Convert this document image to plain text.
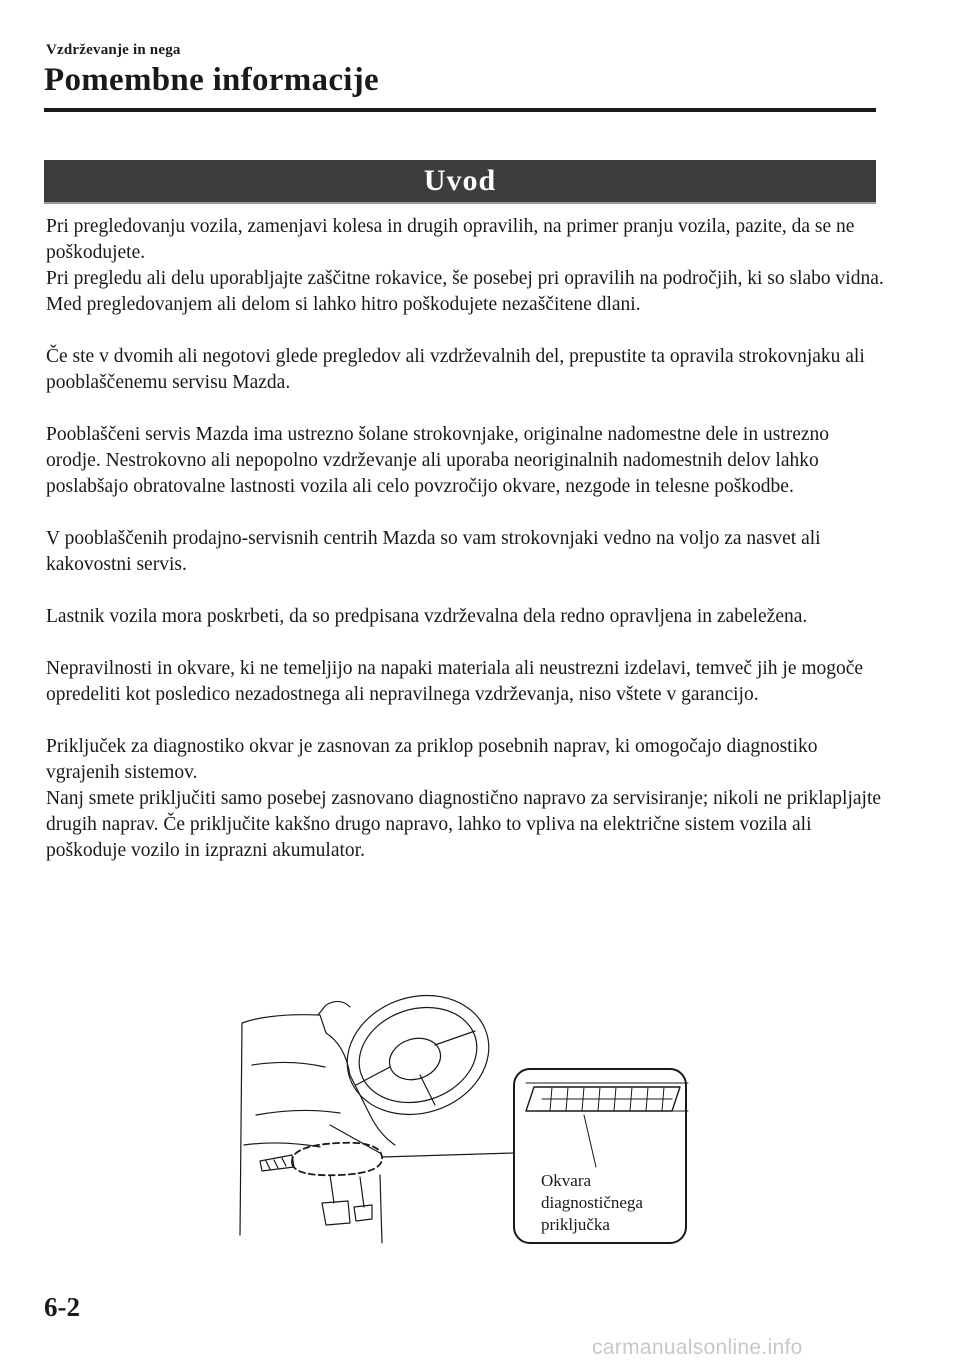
Vzdrževanje in nega
Pomembne informacije
Uvod

Pri pregledovanju vozila, zamenjavi kolesa in drugih opravilih, na primer pranju vozila, pazite, da se ne poškodujete.
Pri pregledu ali delu uporabljajte zaščitne rokavice, še posebej pri opravilih na področjih, ki so slabo vidna. Med pregledovanjem ali delom si lahko hitro poškodujete nezaščitene dlani.

Če ste v dvomih ali negotovi glede pregledov ali vzdrževalnih del, prepustite ta opravila strokovnjaku ali pooblaščenemu servisu Mazda.

Pooblaščeni servis Mazda ima ustrezno šolane strokovnjake, originalne nadomestne dele in ustrezno orodje. Nestrokovno ali nepopolno vzdrževanje ali uporaba neoriginalnih nadomestnih delov lahko poslabšajo obratovalne lastnosti vozila ali celo povzročijo okvare, nezgode in telesne poškodbe.

V pooblaščenih prodajno-servisnih centrih Mazda so vam strokovnjaki vedno na voljo za nasvet ali kakovostni servis.

Lastnik vozila mora poskrbeti, da so predpisana vzdrževalna dela redno opravljena in zabeležena.

Nepravilnosti in okvare, ki ne temeljijo na napaki materiala ali neustrezni izdelavi, temveč jih je mogoče opredeliti kot posledico nezadostnega ali nepravilnega vzdrževanja, niso vštete v garancijo.

Priključek za diagnostiko okvar je zasnovan za priklop posebnih naprav, ki omogočajo diagnostiko vgrajenih sistemov.
Nanj smete priključiti samo posebej zasnovano diagnostično napravo za servisiranje; nikoli ne priklapljajte drugih naprav. Če priključite kakšno drugo napravo, lahko to vpliva na električne sistem vozila ali poškoduje vozilo in izprazni akumulator.

Okvara
diagnostičnega
priključka
6-2
carmanualsonline.info
